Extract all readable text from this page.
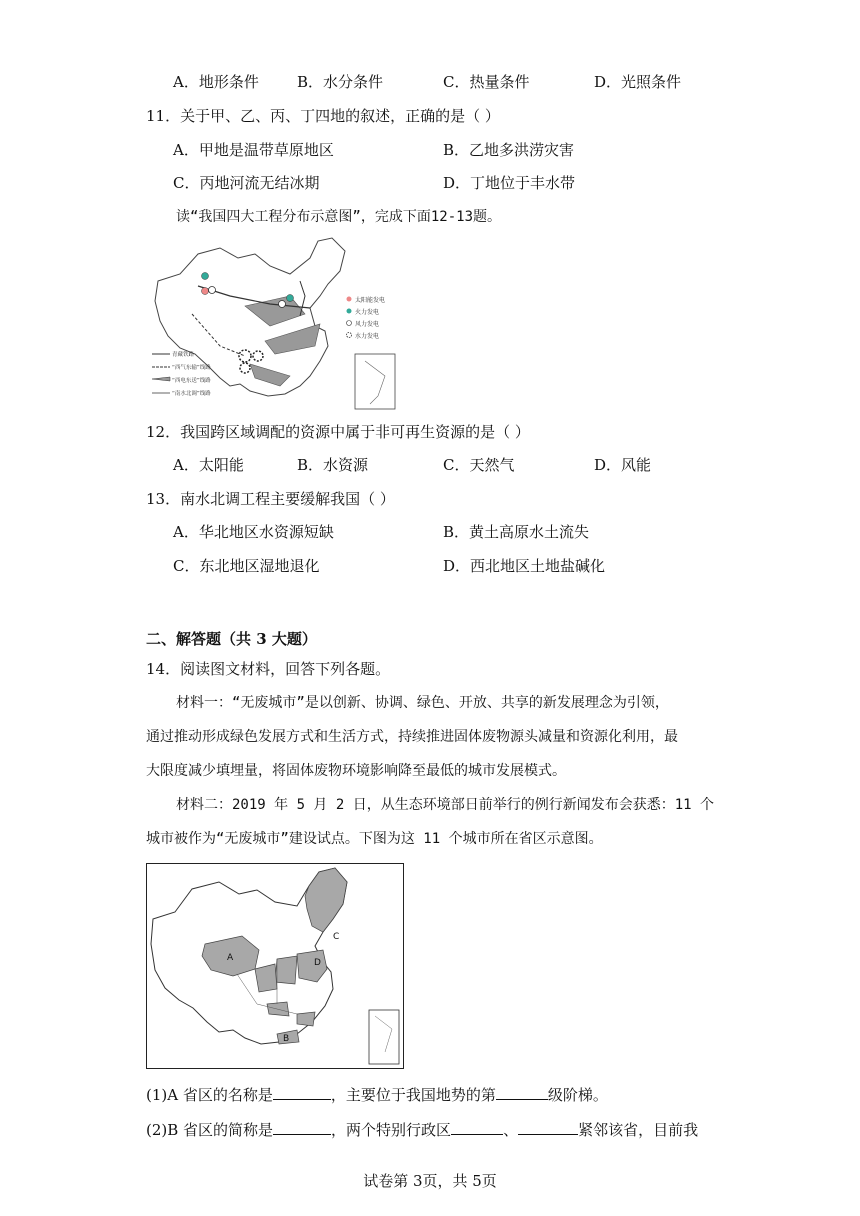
A．地形条件	B．水分条件	C．热量条件	D．光照条件
11．关于甲、乙、丙、丁四地的叙述，正确的是（ ）
A．甲地是温带草原地区	B．乙地多洪涝灾害
C．丙地河流无结冰期	D．丁地位于丰水带
读“我国四大工程分布示意图”，完成下面12-13题。
太阳能发电
火力发电
风力发电
水力发电
青藏铁路
“西气东输”线路
“西电东送”线路
“南水北调”线路
12．我国跨区域调配的资源中属于非可再生资源的是（ ）
A．太阳能	B．水资源	C．天然气	D．风能
13．南水北调工程主要缓解我国（ ）
A．华北地区水资源短缺	B．黄土高原水土流失
C．东北地区湿地退化	D．西北地区土地盐碱化
二、解答题（共 3 大题）
14．阅读图文材料，回答下列各题。
材料一：“无废城市”是以创新、协调、绿色、开放、共享的新发展理念为引领，
通过推动形成绿色发展方式和生活方式，持续推进固体废物源头减量和资源化利用，最
大限度减少填埋量，将固体废物环境影响降至最低的城市发展模式。
材料二：2019 年 5 月 2 日，从生态环境部日前举行的例行新闻发布会获悉：11 个
城市被作为“无废城市”建设试点。下图为这 11 个城市所在省区示意图。
A
B
C
D
(1)A 省区的名称是	，主要位于我国地势的第	级阶梯。
(2)B 省区的简称是	，两个特别行政区	、	紧邻该省，目前我
试卷第 3页，共 5页
